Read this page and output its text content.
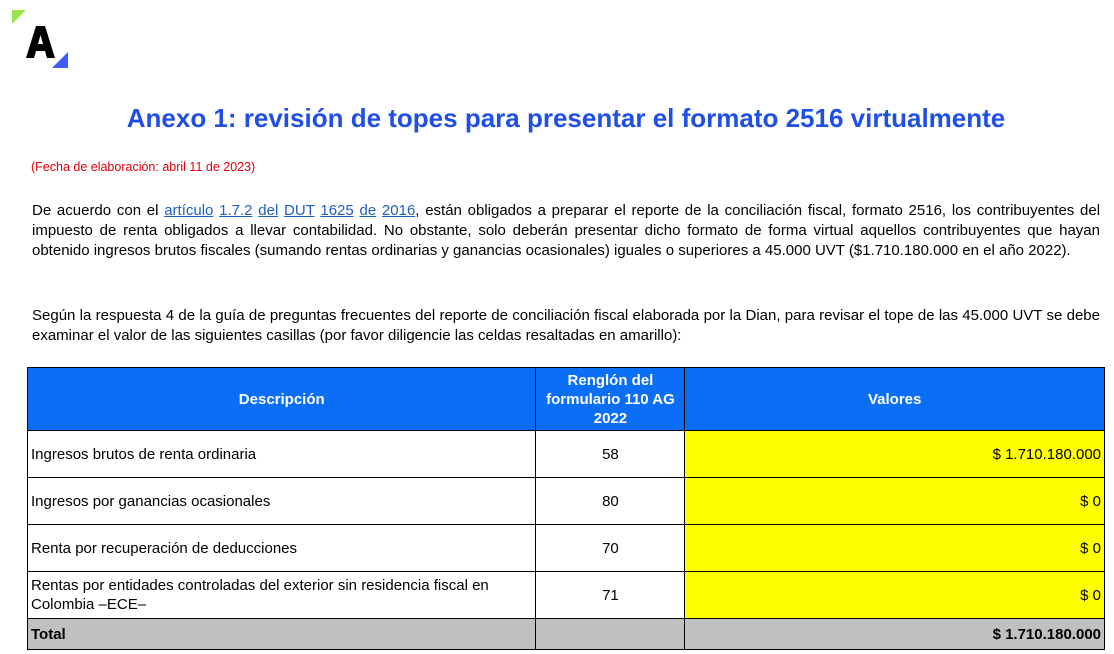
Anexo 1: revisión de topes para presentar el formato 2516 virtualmente
(Fecha de elaboración: abril 11 de 2023)

De acuerdo con el artículo 1.7.2 del DUT 1625 de 2016, están obligados a preparar el reporte de la conciliación fiscal, formato 2516, los contribuyentes del impuesto de renta obligados a llevar contabilidad. No obstante, solo deberán presentar dicho formato de forma virtual aquellos contribuyentes que hayan obtenido ingresos brutos fiscales (sumando rentas ordinarias y ganancias ocasionales) iguales o superiores a 45.000 UVT ($1.710.180.000 en el año 2022).

Según la respuesta 4 de la guía de preguntas frecuentes del reporte de conciliación fiscal elaborada por la Dian, para revisar el tope de las 45.000 UVT se debe examinar el valor de las siguientes casillas (por favor diligencie las celdas resaltadas en amarillo):

Descripción	Renglón del formulario 110 AG 2022	Valores
Ingresos brutos de renta ordinaria	58	$ 1.710.180.000
Ingresos por ganancias ocasionales	80	$ 0
Renta por recuperación de deducciones	70	$ 0
Rentas por entidades controladas del exterior sin residencia fiscal en Colombia –ECE–	71	$ 0
Total		$ 1.710.180.000
